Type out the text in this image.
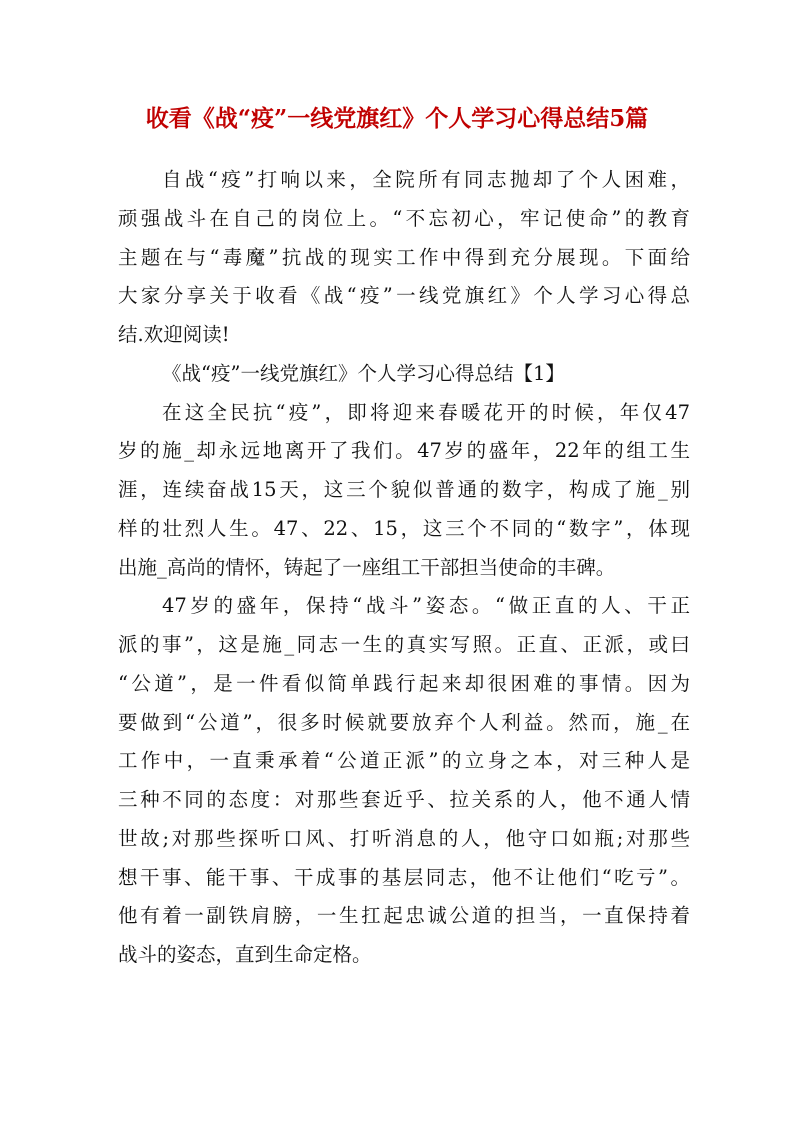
收看《战“疫”一线党旗红》个人学习心得总结5篇
自战“疫”打响以来，全院所有同志抛却了个人困难，
顽强战斗在自己的岗位上。“不忘初心，牢记使命”的教育
主题在与“毒魔”抗战的现实工作中得到充分展现。下面给
大家分享关于收看《战“疫”一线党旗红》个人学习心得总
结.欢迎阅读!
《战“疫”一线党旗红》个人学习心得总结【1】
在这全民抗“疫”，即将迎来春暖花开的时候，年仅47
岁的施_却永远地离开了我们。47岁的盛年，22年的组工生
涯，连续奋战15天，这三个貌似普通的数字，构成了施_别
样的壮烈人生。47、22、15，这三个不同的“数字”，体现
出施_高尚的情怀，铸起了一座组工干部担当使命的丰碑。
47岁的盛年，保持“战斗”姿态。“做正直的人、干正
派的事”，这是施_同志一生的真实写照。正直、正派，或曰
“公道”，是一件看似简单践行起来却很困难的事情。因为
要做到“公道”，很多时候就要放弃个人利益。然而，施_在
工作中，一直秉承着“公道正派”的立身之本，对三种人是
三种不同的态度：对那些套近乎、拉关系的人，他不通人情
世故;对那些探听口风、打听消息的人，他守口如瓶;对那些
想干事、能干事、干成事的基层同志，他不让他们“吃亏”。
他有着一副铁肩膀，一生扛起忠诚公道的担当，一直保持着
战斗的姿态，直到生命定格。
